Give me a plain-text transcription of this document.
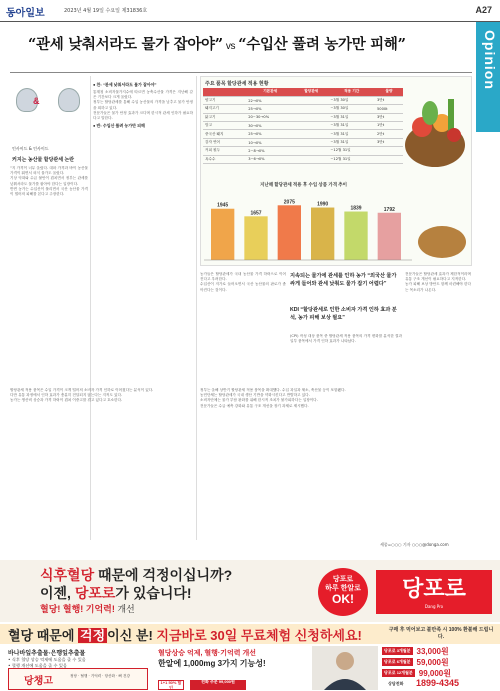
동아일보	2023년 4월 19일 수요일 제31836호	A27
Opinion
“관세 낮춰서라도 물가 잡아야” vs “수입산 풀려 농가만 피해”
&
인사이드 & 인사이드
커지는 농산물 할당관세 논란
“지 가격이 너무 올랐다. 대파 가격과 바이 농산물 가격이 뛰면서 외식 물가도 올랐다.
기상 악화와 수급 불안이 겹치면서 정부는 관세를 낮춰서라도 물가를 잡아야 한다는 입장이다.
반면 농가는 수입산이 풀리면서 국산 농산물 가격이 떨어져 피해를 본다고 주장한다.
● 찬: “관세 낮춰서라도 물가 잡아야”
통계청 소비자물가지수에 따르면 농축수산물 가격은 지난해 같은 기간보다 크게 올랐다.
정부는 할당관세를 통해 수입 농산물의 가격을 낮추고 물가 안정을 꾀하고 있다.
전문가들은 물가 안정 효과가 크다며 한시적 관세 인하가 필요하다고 말한다.
● 반: 수입산 풀려 농가만 피해
주요 품목 할당관세 적용 현황
	기본관세	할당관세	적용 기간	물량
양고기	22→0%		~3월 30일	3만t
돼지고기	25→0%		~3월 30일	5000t
닭고기	20~30→0%		~3월 31일	3만t
망고	30→0%		~3월 31일	1만t
중국산 돼지	25→0%		~3월 31일	2만t
감자 연어	10→0%		~3월 31일	3만t
커피 원두	2~8→0%		~12월 31일	
옥수수	3~6→0%		~12월 31일	
지난해 할당관세 적용 후 수입 상품 가격 추이
1945
1657
2075	1990
1839	1792
농가들은 할당관세가 국내 농산물 가격 하락으로 이어진다고 우려한다.
수입산이 저가로 들어오면서 국산 농산물의 판로가 좁아진다는 것이다.
지속되는 물가에 관세를 인하 농가 “외국산 물가 싸게 들어와 관세 낮춰도 물가 잡기 어렵다”
KDI “할당관세로 인한 소비자 가격 인하 효과 분석, 농가 피해 보상 필요”
(CPI) 작성 대상 품목 중 할당관세 적용 품목의 가격 변화를 분석한 결과 일부 품목에서 가격 인하 효과가 나타났다.
전문가들은 할당관세 효과가 제한적이라며 유통 구조 개선이 필요하다고 지적한다.
농가 피해 보상 방안도 함께 마련해야 한다는 목소리가 나온다.
할당관세 적용 품목은 수입 가격이 크게 떨어져 소비자 가격 인하로 이어졌다는 분석이 있다.
다만 유통 과정에서 인하 효과가 충분히 전달되지 않는다는 지적도 있다.
농가는 생산비 상승과 가격 하락이 겹쳐 이중고를 겪고 있다고 호소한다.
정부는 올해 상반기 할당관세 적용 품목을 확대했다. 수입 과일과 채소, 축산물 등이 포함됐다.
농민단체는 할당관세가 국내 생산 기반을 약화시킨다고 반발하고 있다.
소비자단체는 물가 부담 완화를 위해 한시적 조치가 불가피하다는 입장이다.
전문가들은 수급 예측 강화와 유통 구조 개선을 장기 과제로 제시했다.
세종=○○○ 기자 ○○○@donga.com
식후혈당 때문에 걱정이십니까?
이젠, 당포로가 있습니다!
혈당! 혈행! 기억력! 개선
당포로
하루 한알로
OK!	당포로
Dang Pro
혈당 때문에 걱정 이신 분! 지금바로 30일 무료체험 신청하세요!	구매 후 먹어보고 불만족 시 100% 환불해 드립니다.
바나바잎추출물·은행잎추출물
• 식후 혈당 상승 억제에 도움을 줄 수 있음
• 혈행 개선에 도움을 줄 수 있음
당챙고	정당 · 혈행 · 기억력 · 항산화 · 뼈 건강
혈당상승 억제, 혈행·기억력 개선
한알에 1,000mg 3가지 기능성!
1+1 50% 할인
전화 주문 99,000원
당포로 3개월분 33,000원
당포로 6개월분 59,000원
당포로 12개월분 99,000원
상담전화 1899-4345
